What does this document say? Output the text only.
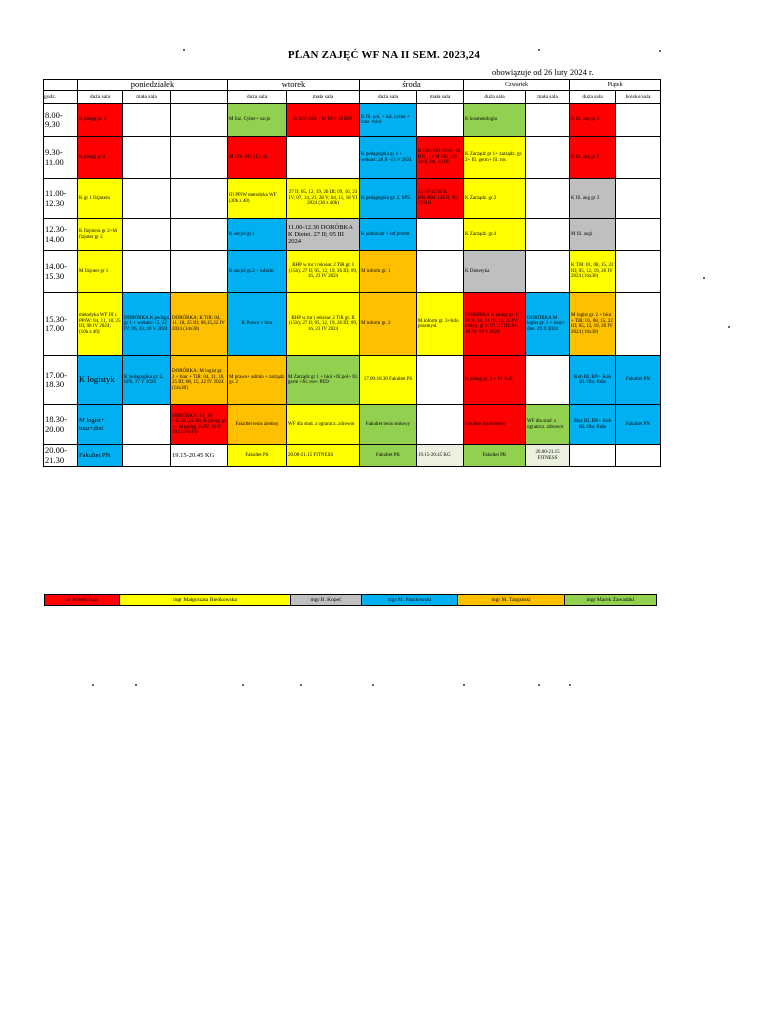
PLAN ZAJĘĆ WF NA II SEM. 2023,24
obowiązuje od 26 luty 2024 r.
	poniedziałek			wtorek		środa		Czwartek		Piątek	
godz.	duża sala	mała sala		duża sala	mała sala	duża sala	mała sala	duża sala	mała sala	duża sala	boisko/sala
8.00-9.30	K pielęg gr. 1			M Inż. Cyber+ socjo	K BN+RM + M BN+ M RM	K fil. pol. + inż. cyber + inaz +biol		K kosmetologia		K fil. ang gr 1	
9.30-11.00	K pielęg gr 2			M BN+RM (13+8)		K pedagogika gr 1 + wokars: 28 II -13 V 2024	K BN+RM 19+8+ M BN 11+ M RM 12) 28 II, 06, 13 III	K Zarządz gr 1+ zarządz. gr. 2+ fil. germ+ fil. ros		K fil. ang gr 2	
11.00-12.30	K gr 1 fizjotera			III PPiW metodyka WF (30h z 40)	27 II; 05, 12, 19, 26 III; 09, 16, 23 IV; 07, 14, 21, 28 V; 04, 11, 18 VI 2024 (30 z 40h)	K pedagogika gr. 2, SPS	13 13-12.30 K BN+RM. (28 II, 06, 13 III)	K Zarządz. gr.3		K fil. ang gr 3	
12.30-14.00	K fizjotera gr 2+M fizjoter gr 2			K socjol gr.1	11.00-12.30 DORÓBKA K Dietet. 27 II; 05 III 2024	K administr + inf.przem		K Zarządz. gr.4		M fil. angi	
14.00-15.30	M fizjoter gr 1			K socjol gr.2 + inform	BHP w tur i rekreac 2 TiR gr. I (15h); 27 II; 05, 12, 19, 26 III; 09, 16, 23 IV 2024	M inform gr. 1		K Dietetyka		K TiR: 01, 08, 15, 22 III; 05, 12, 19, 26 IV 2024 (16x30)	
15.30-17.00	metodyka WF III r. PPiW: 04, 11, 18, 25 III; 08 IV 2024; (10h z 40)	DORÓBKA K pedago gr 1 + wokars: 15, 22 IV; 06, 13, 20 V 2024	DORÓBKA; K TiR: 04, 11, 18, 25 III; 08,15,22 IV 2024 (14x30)	K Prawo + biur	BHP w tur i rekreac 2 TiR gr. II (15h); 27 II; 05, 12, 19, 26 III; 09, 16, 23 IV 2024	M inform gr. 2	M inform gr. 3+Info przemysł.	DORÓBKA K pielęg gr. 1: 29 II, 14, 21 III; 11, 25 IV; pielęg. gr 2: 07, 21 III; 04, 18 IV; 09 V 2024	DORÓBKA M logist gr. 1 + inaz+ diet. 29 II 2024	M logist gr. 2 + biur + TiR: 01, 08, 15, 22 III; 05, 12, 19, 26 IV 2024 (16x30)	
17.00-18.30	K logistyk	K pedagogika gr. 2, SPS, 27 V 2024	DORÓBKA: M logist gr. 2 + biur + TiR: 04, 11, 18, 25 III; 08, 15, 22 IV 2024 (14x30)	M prawo+ admin + zarządz gr. 2	M Zarządz gr 1 + biol +fil.pol+ fil. germ +fil. ros+ PED	17.00-18.30 Fakultet PS		K pielęg gr. 1 + M. PoZ		Kob BL BN+ Kob BL Obr. Pańs	Fakultet PN
18.30-20.00	M logist+ inaz+diet		DORÓBKA: 15, 18 +15.30 (pi.-08; K pielęg gr 1+ M pielęg 25 IV; 16 V 2024) PS/PD	Fakultet tenis ziemny	WF dla stud. z ogranicz. zdrowot	Fakultet tenis stołowy		Fakultet Badminton	WF dla stud. z ogranicz. zdrowot	Męż BL BN+ Kob BL Obr. Pańs	Fakultet PN
20.00-21.30	Fakultet PN		19.15-20.45 KG	Fakultet PS	20.00-21.15 FITNESS	Fakultet PK	19.15-20.45 KG	Fakultet PK	20.00-21.15 FITNESS		
dr Robert Bąk	mgr Małgorzata Bieńkowska	mgr B. Kopeć	mgr M. Paszkowski	mgr M. Targański	mgr Marek Zawadzki
